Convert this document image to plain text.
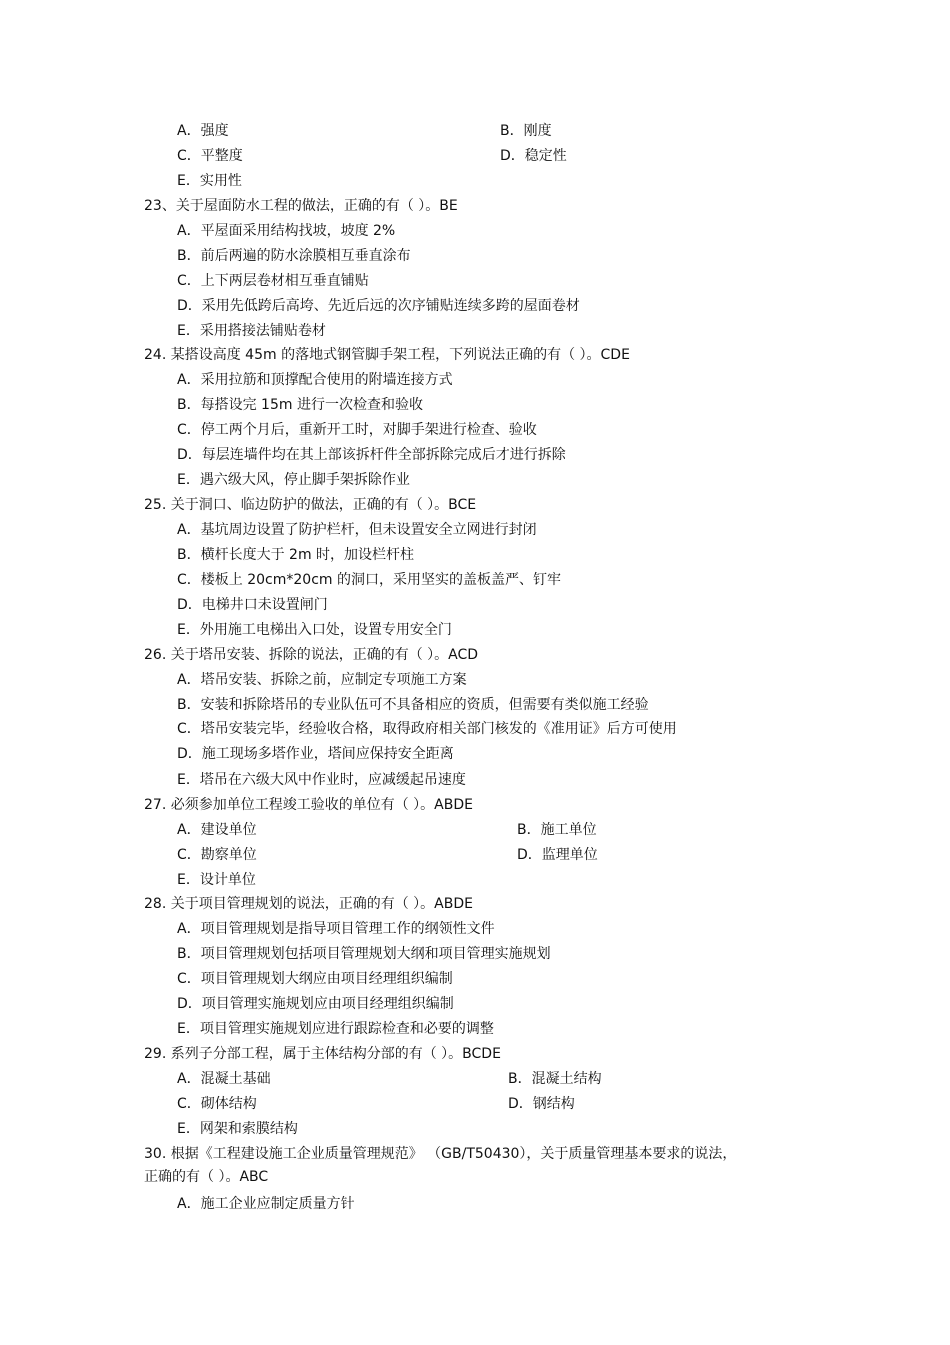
A．强度	B．刚度
C．平整度	D．稳定性
E．实用性
23、关于屋面防水工程的做法，正确的有（ ）。BE
A．平屋面采用结构找坡，坡度 2%
B．前后两遍的防水涂膜相互垂直涂布
C．上下两层卷材相互垂直铺贴
D．采用先低跨后高垮、先近后远的次序铺贴连续多跨的屋面卷材
E．采用搭接法铺贴卷材
24. 某搭设高度 45m 的落地式钢管脚手架工程，下列说法正确的有（ ）。CDE
A．采用拉筋和顶撑配合使用的附墙连接方式
B．每搭设完 15m 进行一次检查和验收
C．停工两个月后，重新开工时，对脚手架进行检查、验收
D．每层连墙件均在其上部该拆杆件全部拆除完成后才进行拆除
E．遇六级大风，停止脚手架拆除作业
25. 关于洞口、临边防护的做法，正确的有（ ）。BCE
A．基坑周边设置了防护栏杆，但未设置安全立网进行封闭
B．横杆长度大于 2m 时，加设栏杆柱
C．楼板上 20cm*20cm 的洞口，采用坚实的盖板盖严、钉牢
D．电梯井口未设置闸门
E．外用施工电梯出入口处，设置专用安全门
26. 关于塔吊安装、拆除的说法，正确的有（ ）。ACD
A．塔吊安装、拆除之前，应制定专项施工方案
B．安装和拆除塔吊的专业队伍可不具备相应的资质，但需要有类似施工经验
C．塔吊安装完毕，经验收合格，取得政府相关部门核发的《准用证》后方可使用
D．施工现场多塔作业，塔间应保持安全距离
E．塔吊在六级大风中作业时，应减缓起吊速度
27. 必须参加单位工程竣工验收的单位有（ ）。ABDE
A．建设单位	B．施工单位
C．勘察单位	D．监理单位
E．设计单位
28. 关于项目管理规划的说法，正确的有（ ）。ABDE
A．项目管理规划是指导项目管理工作的纲领性文件
B．项目管理规划包括项目管理规划大纲和项目管理实施规划
C．项目管理规划大纲应由项目经理组织编制
D．项目管理实施规划应由项目经理组织编制
E．项目管理实施规划应进行跟踪检查和必要的调整
29. 系列子分部工程，属于主体结构分部的有（ ）。BCDE
A．混凝土基础	B．混凝土结构
C．砌体结构	D．钢结构
E．网架和索膜结构
30. 根据《工程建设施工企业质量管理规范》 （GB/T50430），关于质量管理基本要求的说法，
正确的有（ ）。ABC
A．施工企业应制定质量方针
